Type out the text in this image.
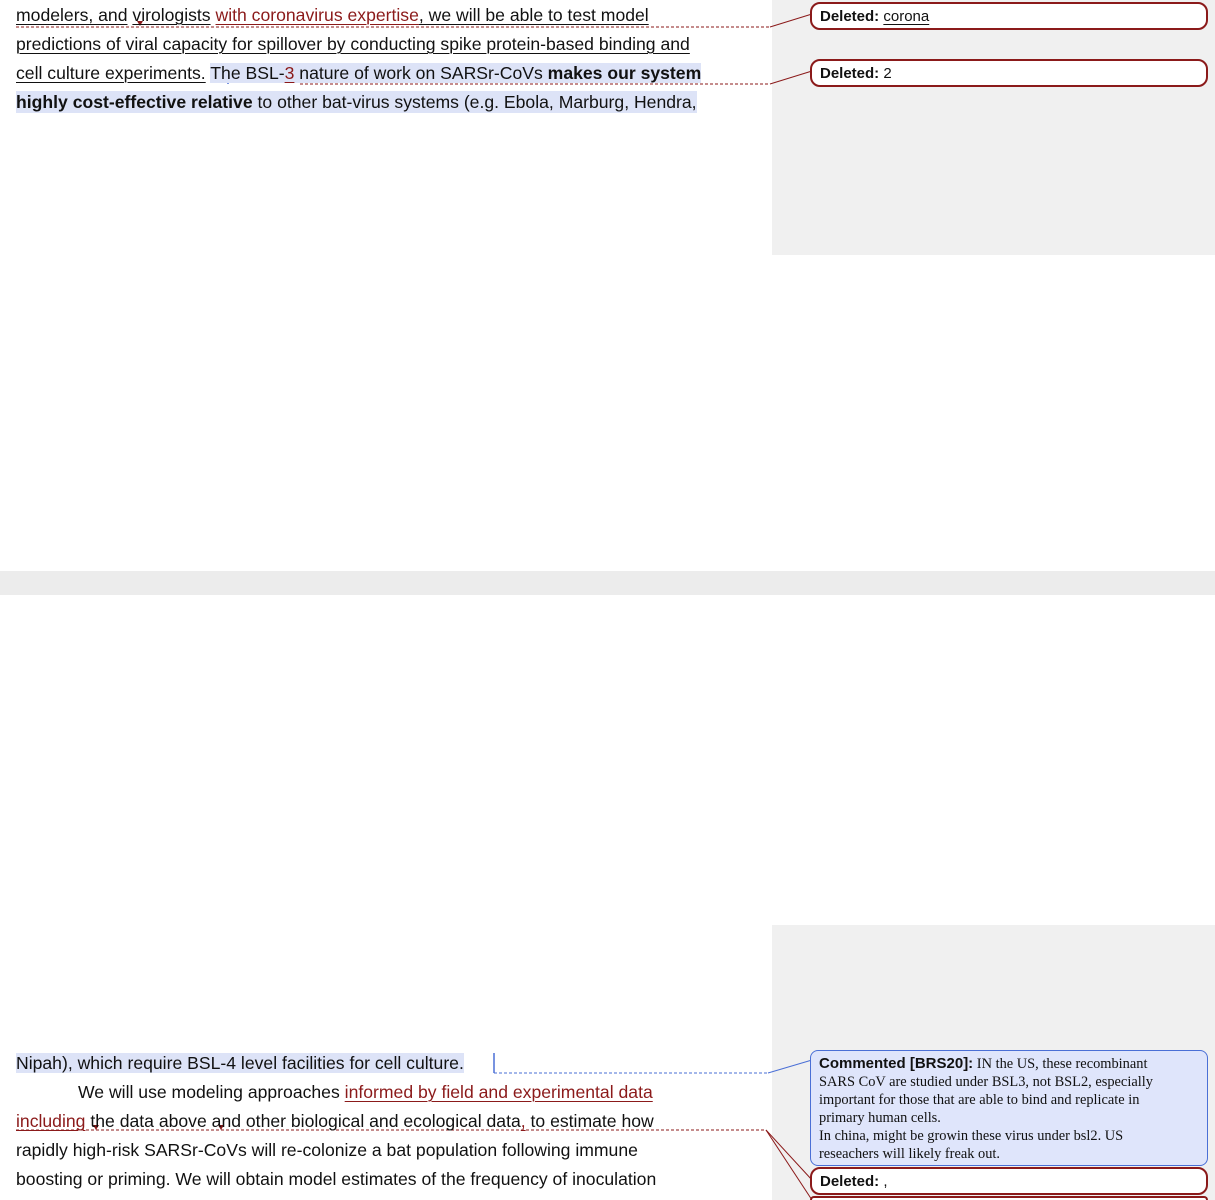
modelers, and virologists with coronavirus expertise, we will be able to test model
predictions of viral capacity for spillover by conducting spike protein-based binding and
cell culture experiments. The BSL-3 nature of work on SARSr-CoVs makes our system
highly cost-effective relative to other bat-virus systems (e.g. Ebola, Marburg, Hendra,
Deleted: corona
Deleted: 2
Nipah), which require BSL-4 level facilities for cell culture.
We will use modeling approaches informed by field and experimental data
including the data above and other biological and ecological data, to estimate how
rapidly high-risk SARSr-CoVs will re-colonize a bat population following immune
boosting or priming. We will obtain model estimates of the frequency of inoculation
Commented [BRS20]: IN the US, these recombinant
SARS CoV are studied under BSL3, not BSL2, especially
important for those that are able to bind and replicate in
primary human cells.
In china, might be growin these virus under bsl2. US
reseachers will likely freak out.
Deleted: ,
